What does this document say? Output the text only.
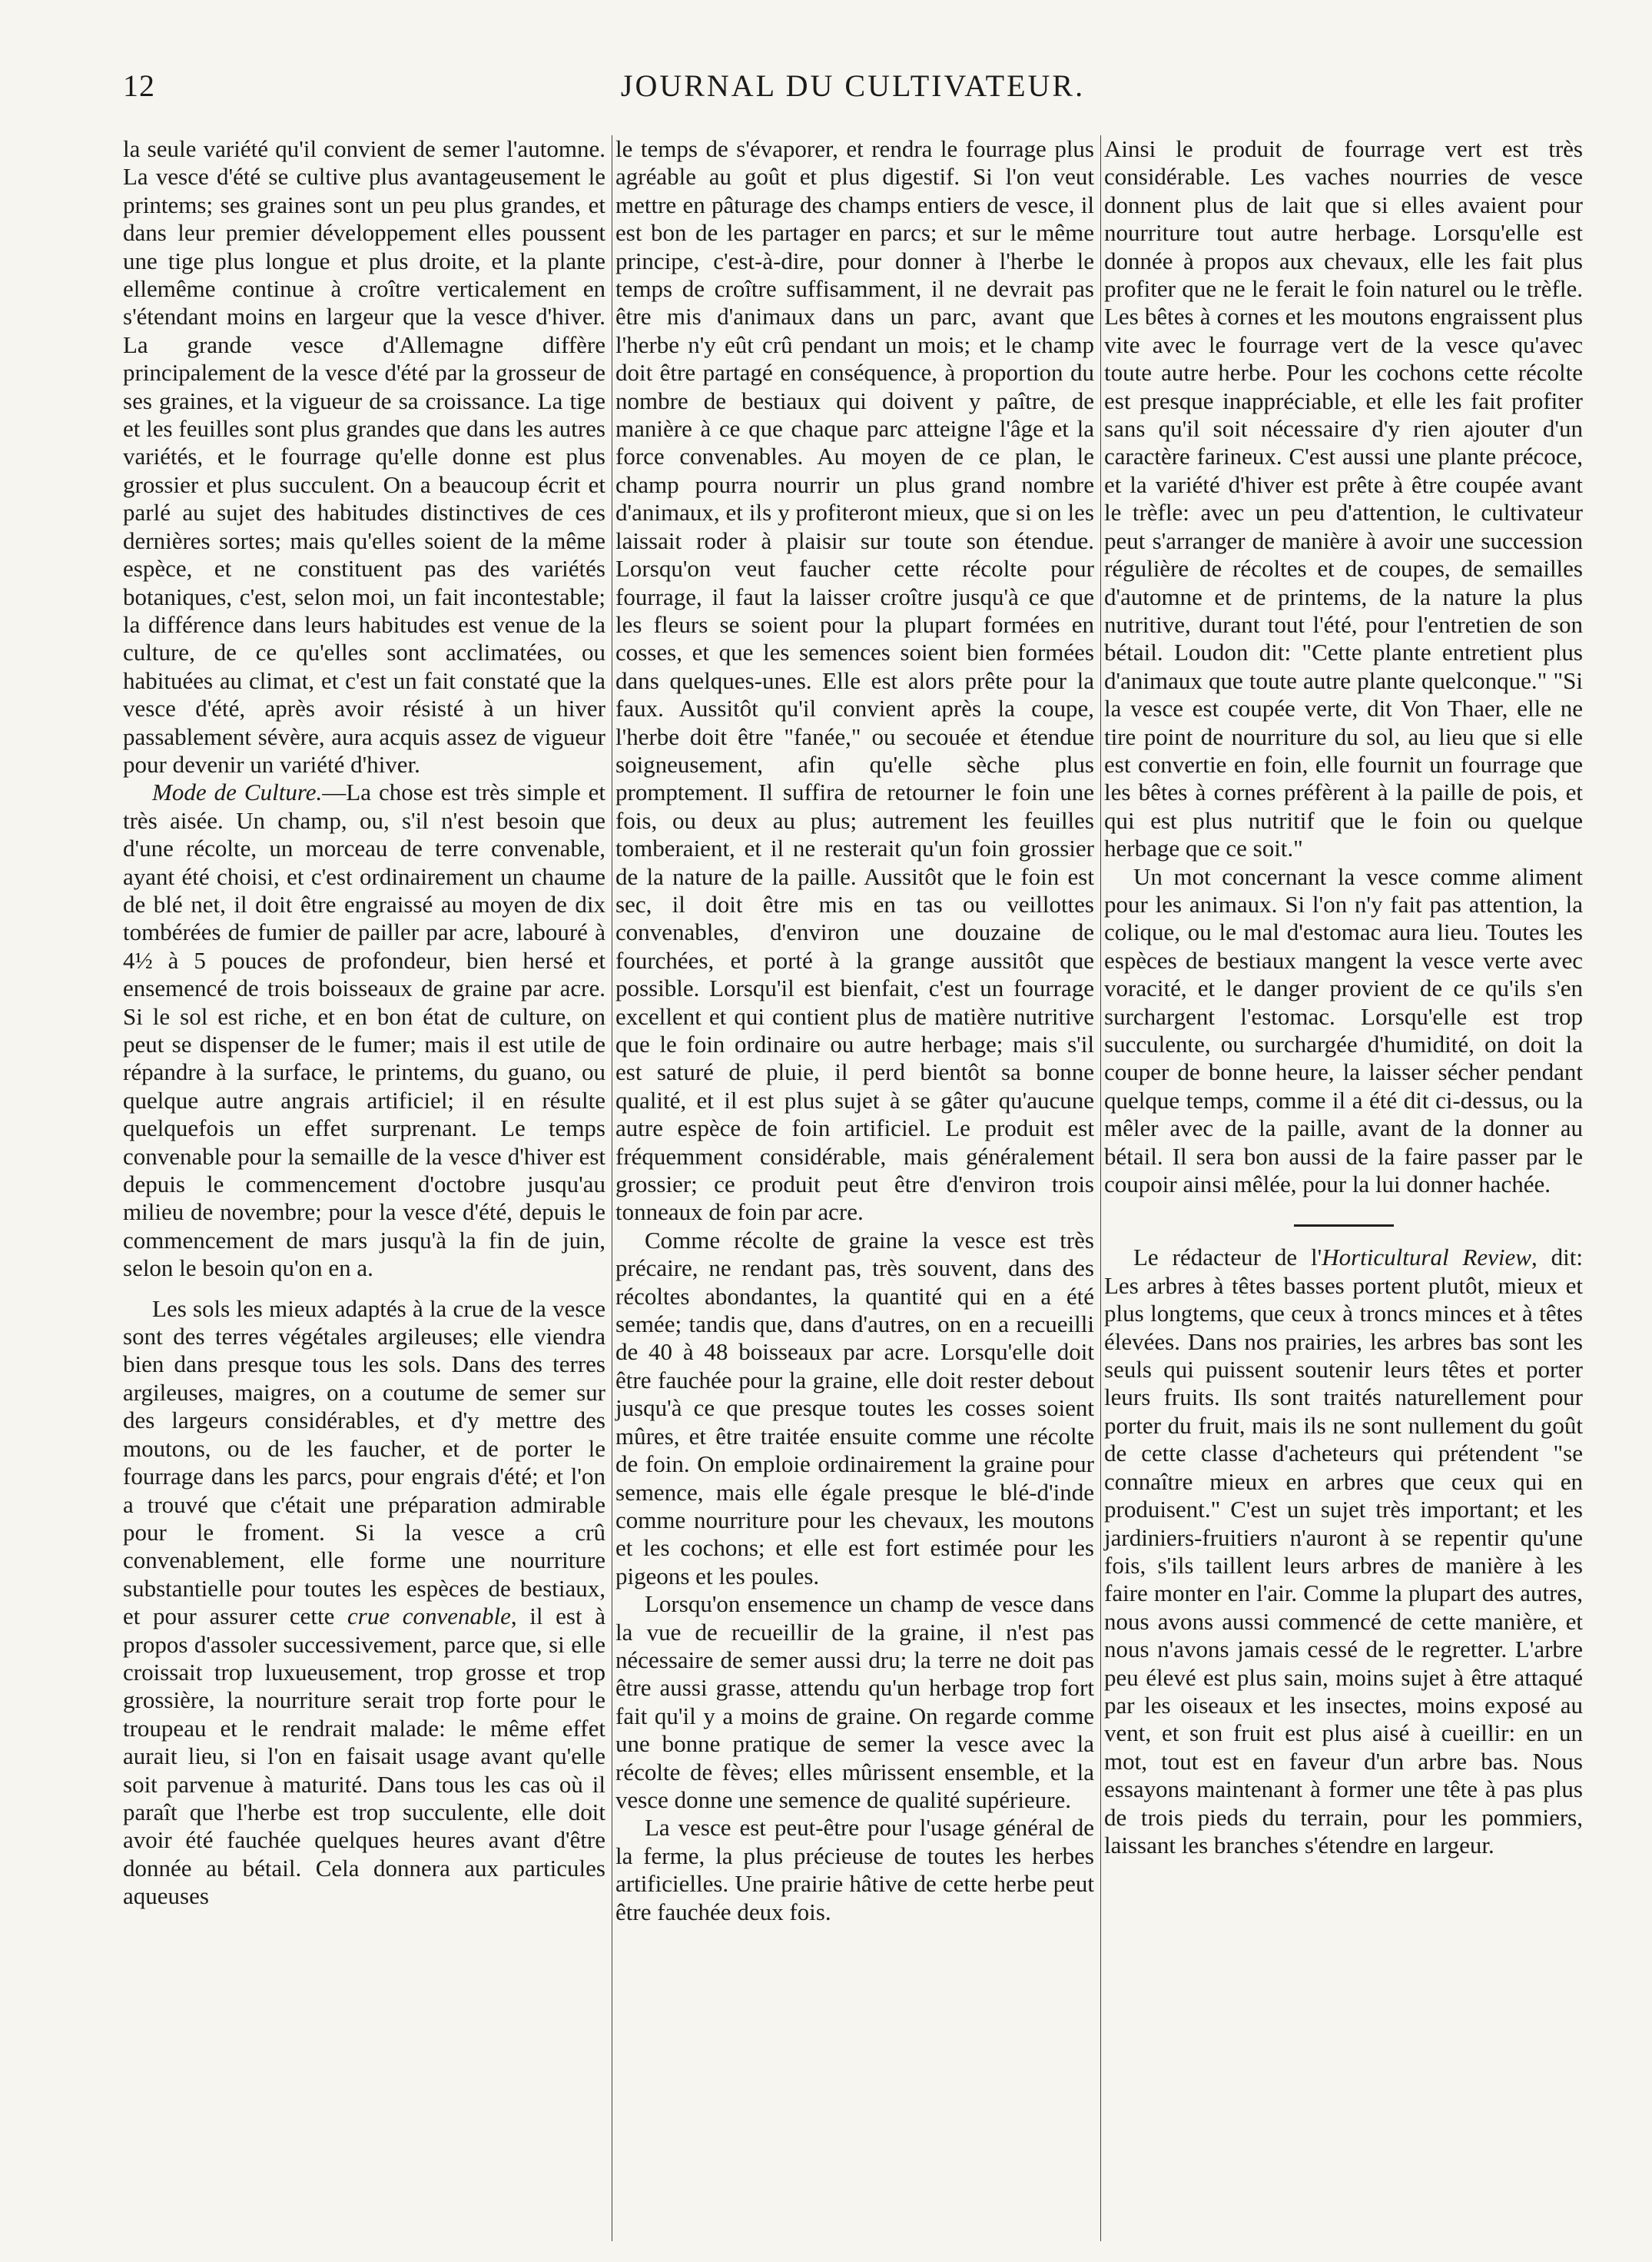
12	JOURNAL DU CULTIVATEUR.

la seule variété qu'il convient de semer l'automne. La vesce d'été se cultive plus avantageusement le printems; ses graines sont un peu plus grandes, et dans leur premier développement elles poussent une tige plus longue et plus droite, et la plante ellemême continue à croître verticalement en s'étendant moins en largeur que la vesce d'hiver. La grande vesce d'Allemagne diffère principalement de la vesce d'été par la grosseur de ses graines, et la vigueur de sa croissance. La tige et les feuilles sont plus grandes que dans les autres variétés, et le fourrage qu'elle donne est plus grossier et plus succulent. On a beaucoup écrit et parlé au sujet des habitudes distinctives de ces dernières sortes; mais qu'elles soient de la même espèce, et ne constituent pas des variétés botaniques, c'est, selon moi, un fait incontestable; la différence dans leurs habitudes est venue de la culture, de ce qu'elles sont acclimatées, ou habituées au climat, et c'est un fait constaté que la vesce d'été, après avoir résisté à un hiver passablement sévère, aura acquis assez de vigueur pour devenir un variété d'hiver.

Mode de Culture.—La chose est très simple et très aisée. Un champ, ou, s'il n'est besoin que d'une récolte, un morceau de terre convenable, ayant été choisi, et c'est ordinairement un chaume de blé net, il doit être engraissé au moyen de dix tombérées de fumier de pailler par acre, labouré à 4½ à 5 pouces de profondeur, bien hersé et ensemencé de trois boisseaux de graine par acre. Si le sol est riche, et en bon état de culture, on peut se dispenser de le fumer; mais il est utile de répandre à la surface, le printems, du guano, ou quelque autre angrais artificiel; il en résulte quelquefois un effet surprenant. Le temps convenable pour la semaille de la vesce d'hiver est depuis le commencement d'octobre jusqu'au milieu de novembre; pour la vesce d'été, depuis le commencement de mars jusqu'à la fin de juin, selon le besoin qu'on en a.

Les sols les mieux adaptés à la crue de la vesce sont des terres végétales argileuses; elle viendra bien dans presque tous les sols. Dans des terres argileuses, maigres, on a coutume de semer sur des largeurs considérables, et d'y mettre des moutons, ou de les faucher, et de porter le fourrage dans les parcs, pour engrais d'été; et l'on a trouvé que c'était une préparation admirable pour le froment. Si la vesce a crû convenablement, elle forme une nourriture substantielle pour toutes les espèces de bestiaux, et pour assurer cette crue convenable, il est à propos d'assoler successivement, parce que, si elle croissait trop luxueusement, trop grosse et trop grossière, la nourriture serait trop forte pour le troupeau et le rendrait malade: le même effet aurait lieu, si l'on en faisait usage avant qu'elle soit parvenue à maturité. Dans tous les cas où il paraît que l'herbe est trop succulente, elle doit avoir été fauchée quelques heures avant d'être donnée au bétail. Cela donnera aux particules aqueuses

le temps de s'évaporer, et rendra le fourrage plus agréable au goût et plus digestif. Si l'on veut mettre en pâturage des champs entiers de vesce, il est bon de les partager en parcs; et sur le même principe, c'est-à-dire, pour donner à l'herbe le temps de croître suffisamment, il ne devrait pas être mis d'animaux dans un parc, avant que l'herbe n'y eût crû pendant un mois; et le champ doit être partagé en conséquence, à proportion du nombre de bestiaux qui doivent y paître, de manière à ce que chaque parc atteigne l'âge et la force convenables. Au moyen de ce plan, le champ pourra nourrir un plus grand nombre d'animaux, et ils y profiteront mieux, que si on les laissait roder à plaisir sur toute son étendue. Lorsqu'on veut faucher cette récolte pour fourrage, il faut la laisser croître jusqu'à ce que les fleurs se soient pour la plupart formées en cosses, et que les semences soient bien formées dans quelques-unes. Elle est alors prête pour la faux. Aussitôt qu'il convient après la coupe, l'herbe doit être "fanée," ou secouée et étendue soigneusement, afin qu'elle sèche plus promptement. Il suffira de retourner le foin une fois, ou deux au plus; autrement les feuilles tomberaient, et il ne resterait qu'un foin grossier de la nature de la paille. Aussitôt que le foin est sec, il doit être mis en tas ou veillottes convenables, d'environ une douzaine de fourchées, et porté à la grange aussitôt que possible. Lorsqu'il est bienfait, c'est un fourrage excellent et qui contient plus de matière nutritive que le foin ordinaire ou autre herbage; mais s'il est saturé de pluie, il perd bientôt sa bonne qualité, et il est plus sujet à se gâter qu'aucune autre espèce de foin artificiel. Le produit est fréquemment considérable, mais généralement grossier; ce produit peut être d'environ trois tonneaux de foin par acre.

Comme récolte de graine la vesce est très précaire, ne rendant pas, très souvent, dans des récoltes abondantes, la quantité qui en a été semée; tandis que, dans d'autres, on en a recueilli de 40 à 48 boisseaux par acre. Lorsqu'elle doit être fauchée pour la graine, elle doit rester debout jusqu'à ce que presque toutes les cosses soient mûres, et être traitée ensuite comme une récolte de foin. On emploie ordinairement la graine pour semence, mais elle égale presque le blé-d'inde comme nourriture pour les chevaux, les moutons et les cochons; et elle est fort estimée pour les pigeons et les poules.

Lorsqu'on ensemence un champ de vesce dans la vue de recueillir de la graine, il n'est pas nécessaire de semer aussi dru; la terre ne doit pas être aussi grasse, attendu qu'un herbage trop fort fait qu'il y a moins de graine. On regarde comme une bonne pratique de semer la vesce avec la récolte de fèves; elles mûrissent ensemble, et la vesce donne une semence de qualité supérieure.

La vesce est peut-être pour l'usage général de la ferme, la plus précieuse de toutes les herbes artificielles. Une prairie hâtive de cette herbe peut être fauchée deux fois.

Ainsi le produit de fourrage vert est très considérable. Les vaches nourries de vesce donnent plus de lait que si elles avaient pour nourriture tout autre herbage. Lorsqu'elle est donnée à propos aux chevaux, elle les fait plus profiter que ne le ferait le foin naturel ou le trèfle. Les bêtes à cornes et les moutons engraissent plus vite avec le fourrage vert de la vesce qu'avec toute autre herbe. Pour les cochons cette récolte est presque inappréciable, et elle les fait profiter sans qu'il soit nécessaire d'y rien ajouter d'un caractère farineux. C'est aussi une plante précoce, et la variété d'hiver est prête à être coupée avant le trèfle: avec un peu d'attention, le cultivateur peut s'arranger de manière à avoir une succession régulière de récoltes et de coupes, de semailles d'automne et de printems, de la nature la plus nutritive, durant tout l'été, pour l'entretien de son bétail. Loudon dit: "Cette plante entretient plus d'animaux que toute autre plante quelconque." "Si la vesce est coupée verte, dit Von Thaer, elle ne tire point de nourriture du sol, au lieu que si elle est convertie en foin, elle fournit un fourrage que les bêtes à cornes préfèrent à la paille de pois, et qui est plus nutritif que le foin ou quelque herbage que ce soit."

Un mot concernant la vesce comme aliment pour les animaux. Si l'on n'y fait pas attention, la colique, ou le mal d'estomac aura lieu. Toutes les espèces de bestiaux mangent la vesce verte avec voracité, et le danger provient de ce qu'ils s'en surchargent l'estomac. Lorsqu'elle est trop succulente, ou surchargée d'humidité, on doit la couper de bonne heure, la laisser sécher pendant quelque temps, comme il a été dit ci-dessus, ou la mêler avec de la paille, avant de la donner au bétail. Il sera bon aussi de la faire passer par le coupoir ainsi mêlée, pour la lui donner hachée.

Le rédacteur de l'Horticultural Review, dit: Les arbres à têtes basses portent plutôt, mieux et plus longtems, que ceux à troncs minces et à têtes élevées. Dans nos prairies, les arbres bas sont les seuls qui puissent soutenir leurs têtes et porter leurs fruits. Ils sont traités naturellement pour porter du fruit, mais ils ne sont nullement du goût de cette classe d'acheteurs qui prétendent "se connaître mieux en arbres que ceux qui en produisent." C'est un sujet très important; et les jardiniers-fruitiers n'auront à se repentir qu'une fois, s'ils taillent leurs arbres de manière à les faire monter en l'air. Comme la plupart des autres, nous avons aussi commencé de cette manière, et nous n'avons jamais cessé de le regretter. L'arbre peu élevé est plus sain, moins sujet à être attaqué par les oiseaux et les insectes, moins exposé au vent, et son fruit est plus aisé à cueillir: en un mot, tout est en faveur d'un arbre bas. Nous essayons maintenant à former une tête à pas plus de trois pieds du terrain, pour les pommiers, laissant les branches s'étendre en largeur.
